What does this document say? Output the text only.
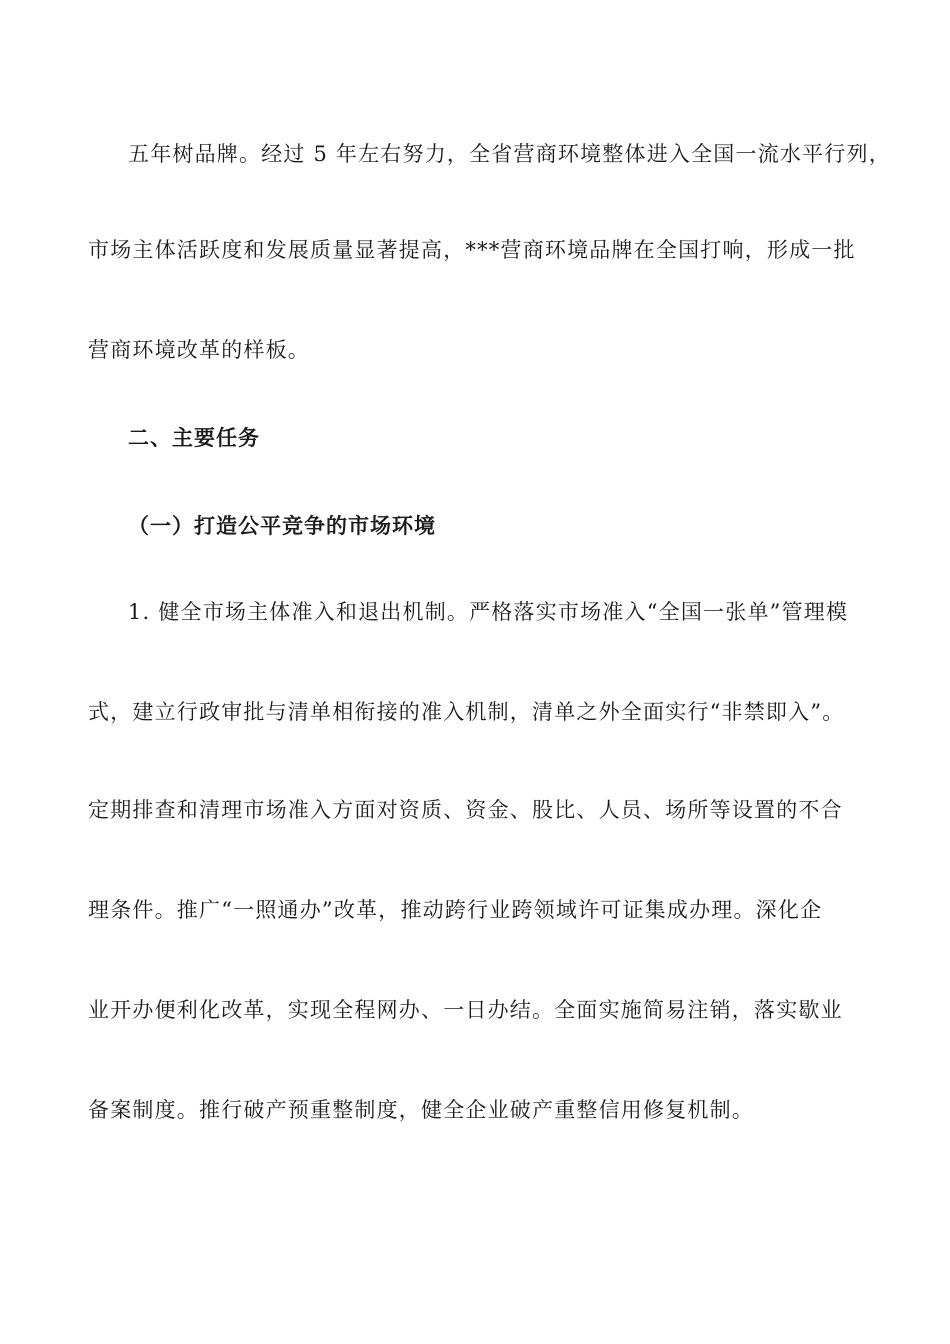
五年树品牌。经过 5 年左右努力，全省营商环境整体进入全国一流水平行列，
市场主体活跃度和发展质量显著提高，***营商环境品牌在全国打响，形成一批
营商环境改革的样板。
二、主要任务
（一）打造公平竞争的市场环境
1. 健全市场主体准入和退出机制。严格落实市场准入“全国一张单”管理模
式，建立行政审批与清单相衔接的准入机制，清单之外全面实行“非禁即入”。
定期排查和清理市场准入方面对资质、资金、股比、人员、场所等设置的不合
理条件。推广“一照通办”改革，推动跨行业跨领域许可证集成办理。深化企
业开办便利化改革，实现全程网办、一日办结。全面实施简易注销，落实歇业
备案制度。推行破产预重整制度，健全企业破产重整信用修复机制。
